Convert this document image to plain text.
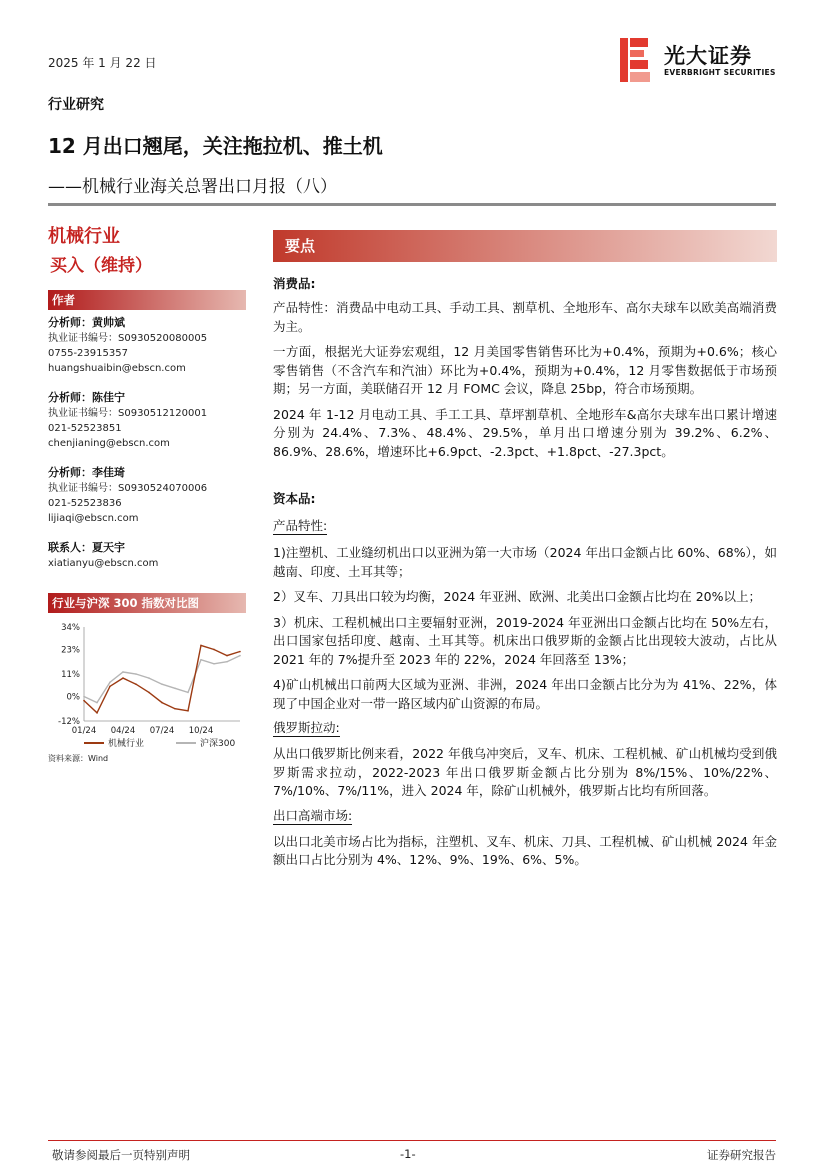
2025 年 1 月 22 日	光大证券
EVERBRIGHT SECURITIES
行业研究
12 月出口翘尾，关注拖拉机、推土机
——机械行业海关总署出口月报（八）
机械行业
买入（维持）
作者
分析师：黄帅斌
执业证书编号：S0930520080005
0755-23915357
huangshuaibin@ebscn.com
分析师：陈佳宁
执业证书编号：S0930512120001
021-52523851
chenjianing@ebscn.com
分析师：李佳琦
执业证书编号：S0930524070006
021-52523836
lijiaqi@ebscn.com
联系人：夏天宇
xiatianyu@ebscn.com
行业与沪深 300 指数对比图
34%
23%
11%
0%
-12%
01/24 04/24 07/24 10/24
机械行业	沪深300
资料来源：Wind
要点
消费品:
产品特性：消费品中电动工具、手动工具、割草机、全地形车、高尔夫球车以欧美高端消费为主。
一方面，根据光大证券宏观组，12 月美国零售销售环比为+0.4%，预期为+0.6%；核心零售销售（不含汽车和汽油）环比为+0.4%，预期为+0.4%，12 月零售数据低于市场预期；另一方面，美联储召开 12 月 FOMC 会议，降息 25bp，符合市场预期。
2024 年 1-12 月电动工具、手工工具、草坪割草机、全地形车&高尔夫球车出口累计增速分别为 24.4%、7.3%、48.4%、29.5%，单月出口增速分别为 39.2%、6.2%、86.9%、28.6%，增速环比+6.9pct、-2.3pct、+1.8pct、-27.3pct。
资本品:
产品特性:
1)注塑机、工业缝纫机出口以亚洲为第一大市场（2024 年出口金额占比 60%、68%），如越南、印度、土耳其等；
2）叉车、刀具出口较为均衡，2024 年亚洲、欧洲、北美出口金额占比均在 20%以上；
3）机床、工程机械出口主要辐射亚洲，2019-2024 年亚洲出口金额占比均在 50%左右，出口国家包括印度、越南、土耳其等。机床出口俄罗斯的金额占比出现较大波动，占比从 2021 年的 7%提升至 2023 年的 22%，2024 年回落至 13%；
4)矿山机械出口前两大区域为亚洲、非洲，2024 年出口金额占比分为为 41%、22%，体现了中国企业对一带一路区域内矿山资源的布局。
俄罗斯拉动:
从出口俄罗斯比例来看，2022 年俄乌冲突后，叉车、机床、工程机械、矿山机械均受到俄罗斯需求拉动，2022-2023 年出口俄罗斯金额占比分别为 8%/15%、10%/22%、7%/10%、7%/11%，进入 2024 年，除矿山机械外，俄罗斯占比均有所回落。
出口高端市场:
以出口北美市场占比为指标，注塑机、叉车、机床、刀具、工程机械、矿山机械 2024 年金额出口占比分别为 4%、12%、9%、19%、6%、5%。
敬请参阅最后一页特别声明	-1-	证券研究报告
